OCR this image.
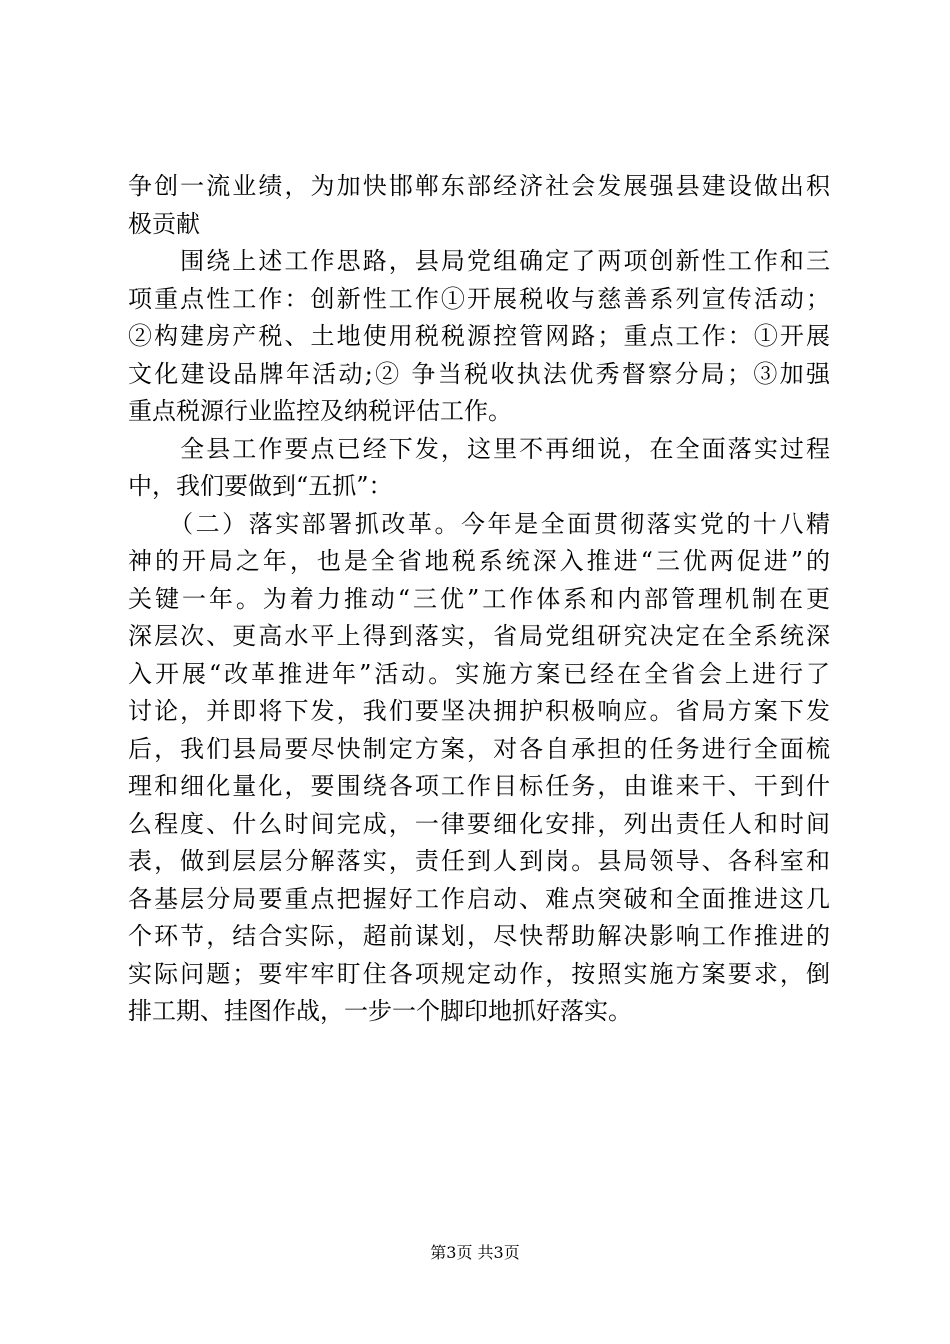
争创一流业绩，为加快邯郸东部经济社会发展强县建设做出积
极贡献
　　围绕上述工作思路，县局党组确定了两项创新性工作和三
项重点性工作：创新性工作①开展税收与慈善系列宣传活动；
②构建房产税、土地使用税税源控管网路；重点工作：①开展
文化建设品牌年活动;② 争当税收执法优秀督察分局；③加强
重点税源行业监控及纳税评估工作。
　　全县工作要点已经下发，这里不再细说，在全面落实过程
中，我们要做到“五抓”：
　　（二）落实部署抓改革。今年是全面贯彻落实党的十八精
神的开局之年，也是全省地税系统深入推进“三优两促进”的
关键一年。为着力推动“三优”工作体系和内部管理机制在更
深层次、更高水平上得到落实，省局党组研究决定在全系统深
入开展“改革推进年”活动。实施方案已经在全省会上进行了
讨论，并即将下发，我们要坚决拥护积极响应。省局方案下发
后，我们县局要尽快制定方案，对各自承担的任务进行全面梳
理和细化量化，要围绕各项工作目标任务，由谁来干、干到什
么程度、什么时间完成，一律要细化安排，列出责任人和时间
表，做到层层分解落实，责任到人到岗。县局领导、各科室和
各基层分局要重点把握好工作启动、难点突破和全面推进这几
个环节，结合实际，超前谋划，尽快帮助解决影响工作推进的
实际问题；要牢牢盯住各项规定动作，按照实施方案要求，倒
排工期、挂图作战，一步一个脚印地抓好落实。
第3页 共3页
